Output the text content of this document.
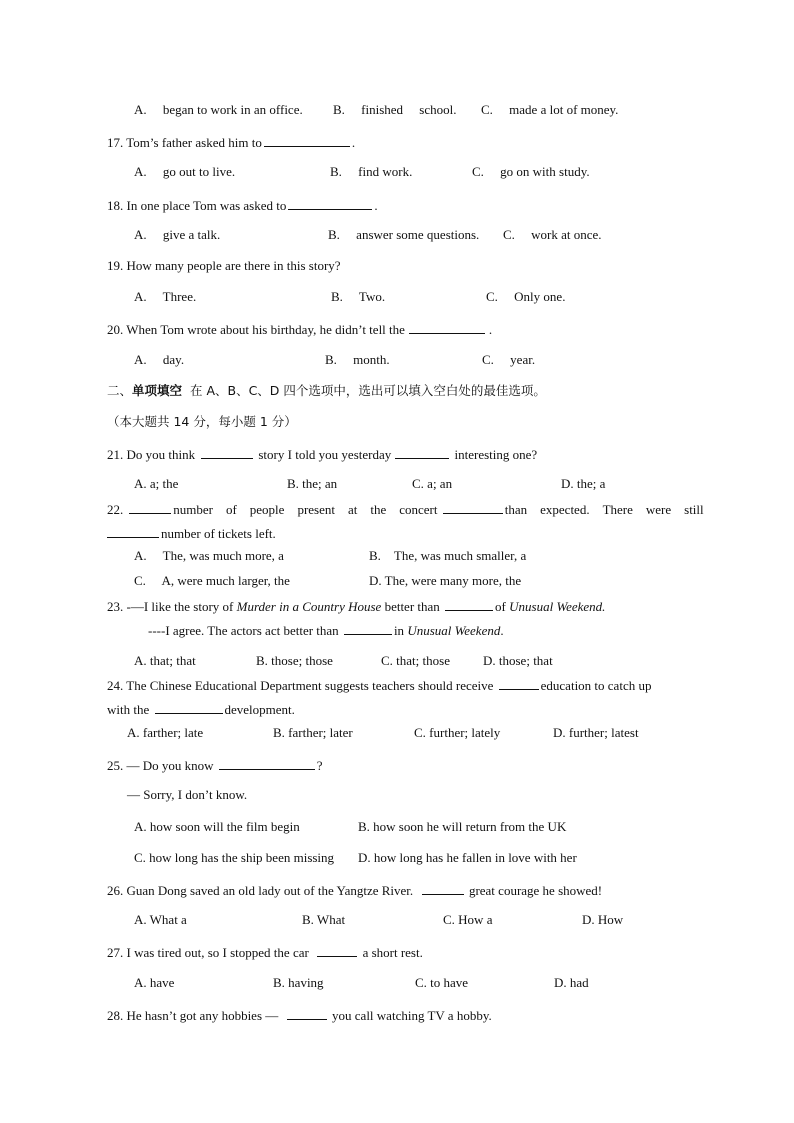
A.  began to work in an office. B.  finished  school. C.  made a lot of money.
17. Tom’s father asked him to	.
A.  go out to live.	B.  find work.	C.  go on with study.
18. In one place Tom was asked to	.
A.  give a talk.	B.  answer some questions. C.  work at once.
19. How many people are there in this story?
A.  Three.	B.  Two.	C.  Only one.
20. When Tom wrote about his birthday, he didn’t tell the	.
A.  day.	B.  month.	C.  year.
二、单项填空 在 A、B、C、D 四个选项中，选出可以填入空白处的最佳选项。
（本大题共 14 分，每小题 1 分）
21. Do you think	story I told you yesterday	interesting one?
A. a; the	B. the; an	C. a; an	D. the; a
22.	number of people present at the concert	than expected. There were still
number of tickets left.
A.  The, was much more, a	B. The, was much smaller, a
C.  A, were much larger, the	D. The, were many more, the
23. -—I like the story of Murder in a Country House better than	of Unusual Weekend.
----I agree. The actors act better than	in Unusual Weekend.
A. that; that	B. those; those	C. that; those	D. those; that
24. The Chinese Educational Department suggests teachers should receive	education to catch up
with the	development.
A. farther; late	B. farther; later	C. further; lately	D. further; latest
25. — Do you know	?
— Sorry, I don’t know.
A. how soon will the film begin	B. how soon he will return from the UK
C. how long has the ship been missing D. how long has he fallen in love with her
26. Guan Dong saved an old lady out of the Yangtze River.	great courage he showed!
A. What a	B. What	C. How a	D. How
27. I was tired out, so I stopped the car	a short rest.
A. have	B. having	C. to have	D. had
28. He hasn’t got any hobbies —	you call watching TV a hobby.
